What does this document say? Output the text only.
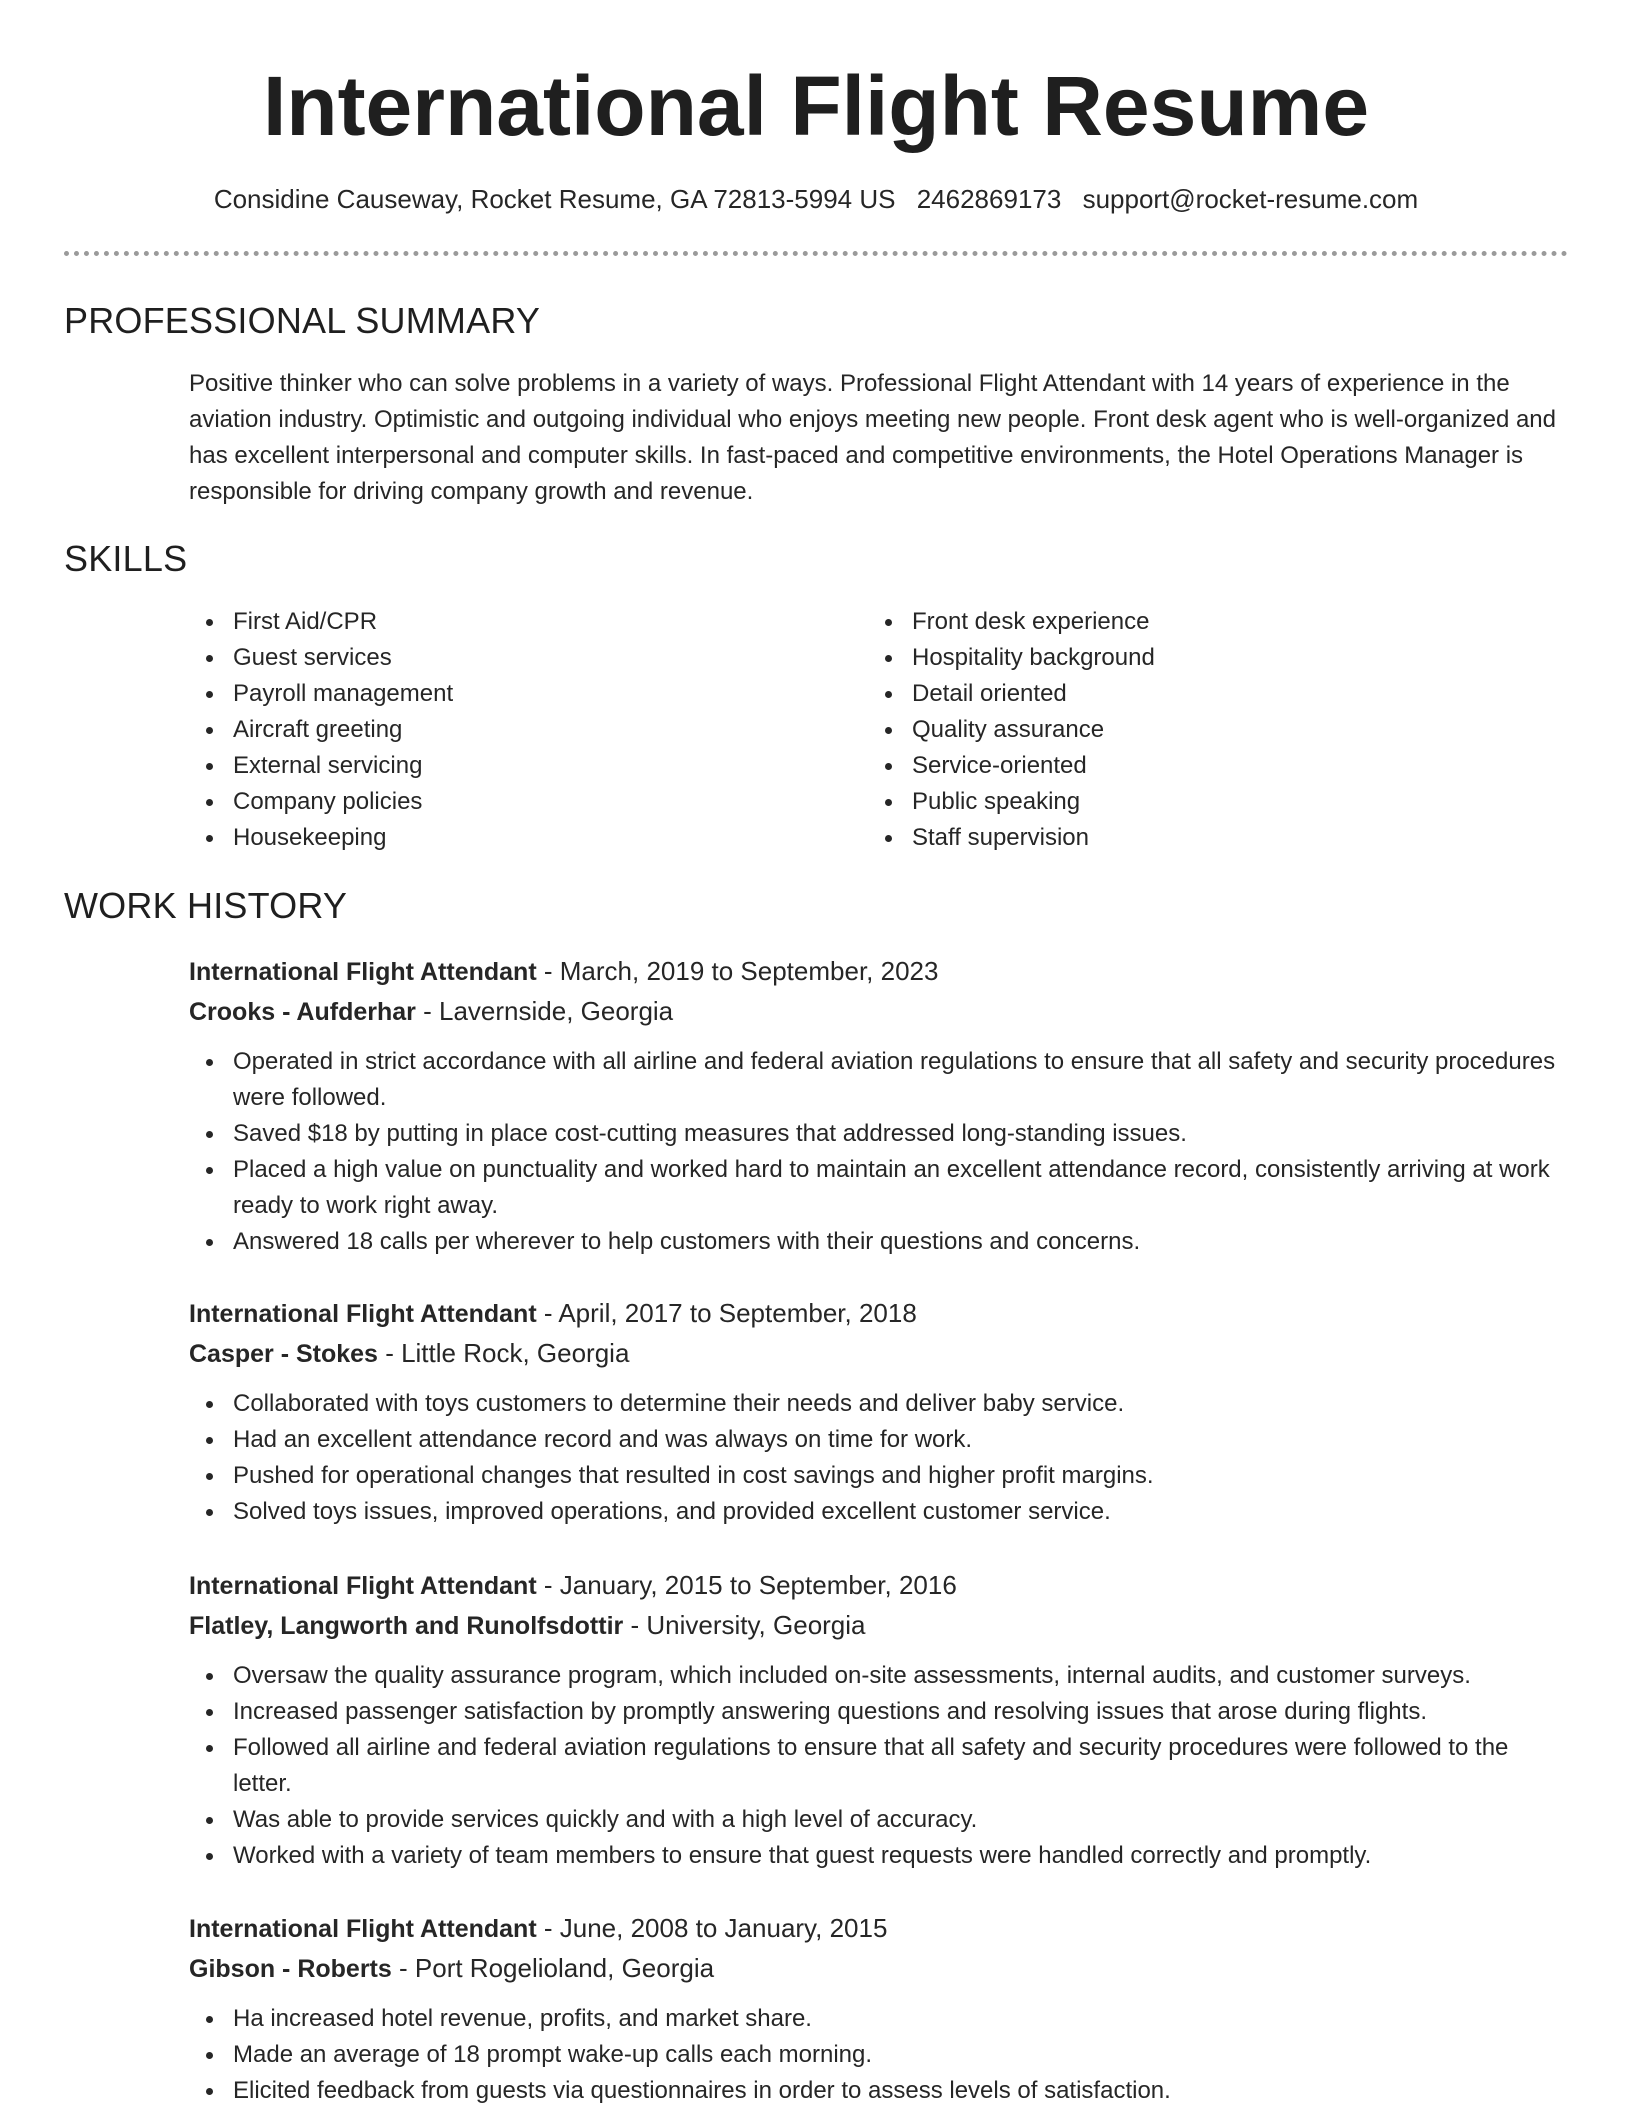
International Flight Resume
Considine Causeway, Rocket Resume, GA 72813-5994 US 2462869173 support@rocket-resume.com
PROFESSIONAL SUMMARY

Positive thinker who can solve problems in a variety of ways. Professional Flight Attendant with 14 years of experience in the aviation industry. Optimistic and outgoing individual who enjoys meeting new people. Front desk agent who is well-organized and has excellent interpersonal and computer skills. In fast-paced and competitive environments, the Hotel Operations Manager is responsible for driving company growth and revenue.

SKILLS
First Aid/CPR
Guest services
Payroll management
Aircraft greeting
External servicing
Company policies
Housekeeping
Front desk experience
Hospitality background
Detail oriented
Quality assurance
Service-oriented
Public speaking
Staff supervision
WORK HISTORY
International Flight Attendant - March, 2019 to September, 2023
Crooks - Aufderhar - Lavernside, Georgia
Operated in strict accordance with all airline and federal aviation regulations to ensure that all safety and security procedures were followed.
Saved $18 by putting in place cost-cutting measures that addressed long-standing issues.
Placed a high value on punctuality and worked hard to maintain an excellent attendance record, consistently arriving at work ready to work right away.
Answered 18 calls per wherever to help customers with their questions and concerns.
International Flight Attendant - April, 2017 to September, 2018
Casper - Stokes - Little Rock, Georgia
Collaborated with toys customers to determine their needs and deliver baby service.
Had an excellent attendance record and was always on time for work.
Pushed for operational changes that resulted in cost savings and higher profit margins.
Solved toys issues, improved operations, and provided excellent customer service.
International Flight Attendant - January, 2015 to September, 2016
Flatley, Langworth and Runolfsdottir - University, Georgia
Oversaw the quality assurance program, which included on-site assessments, internal audits, and customer surveys.
Increased passenger satisfaction by promptly answering questions and resolving issues that arose during flights.
Followed all airline and federal aviation regulations to ensure that all safety and security procedures were followed to the letter.
Was able to provide services quickly and with a high level of accuracy.
Worked with a variety of team members to ensure that guest requests were handled correctly and promptly.
International Flight Attendant - June, 2008 to January, 2015
Gibson - Roberts - Port Rogelioland, Georgia
Ha increased hotel revenue, profits, and market share.
Made an average of 18 prompt wake-up calls each morning.
Elicited feedback from guests via questionnaires in order to assess levels of satisfaction.
